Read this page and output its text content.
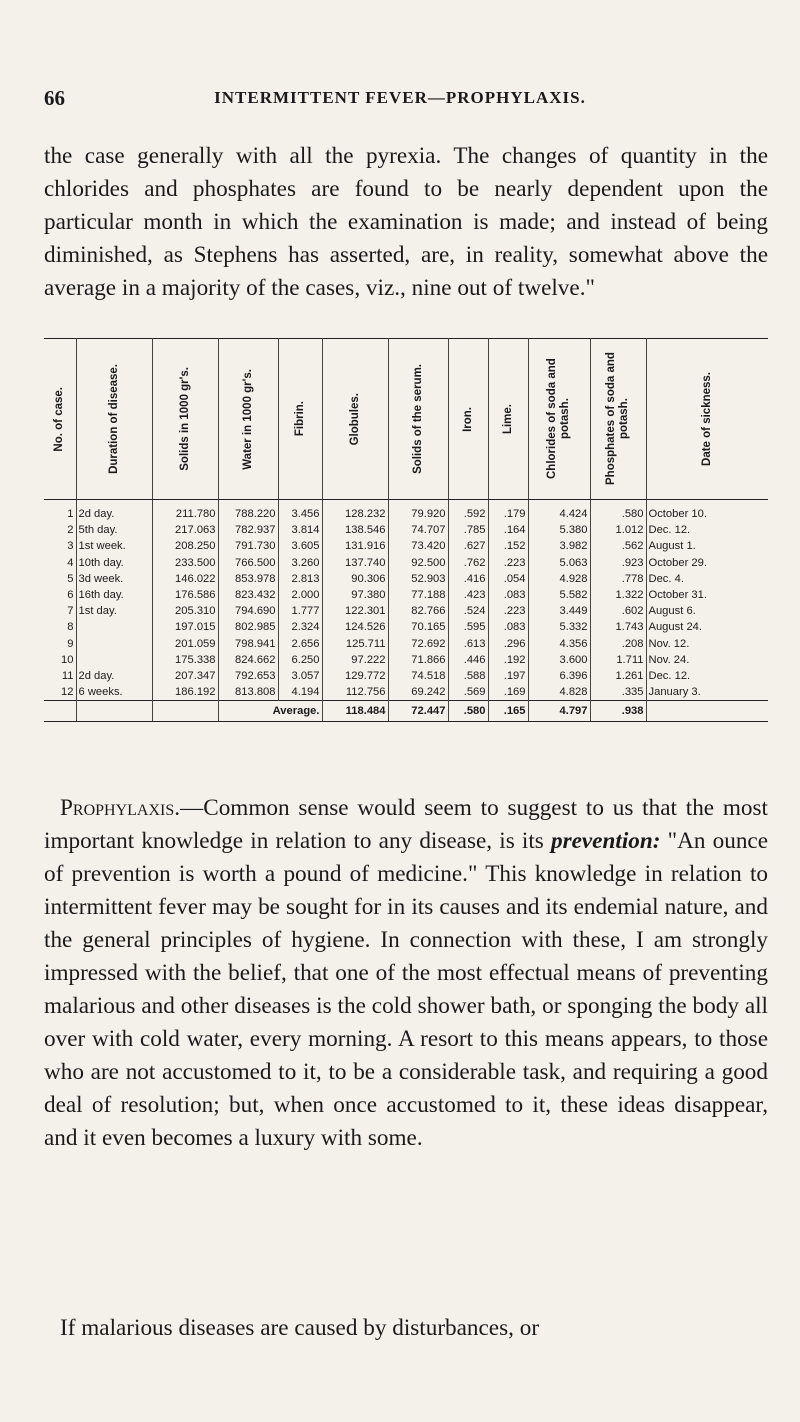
66	INTERMITTENT FEVER—PROPHYLAXIS.

the case generally with all the pyrexia. The changes of quantity in the chlorides and phosphates are found to be nearly dependent upon the particular month in which the examination is made; and instead of being diminished, as Stephens has asserted, are, in reality, somewhat above the average in a majority of the cases, viz., nine out of twelve."

No. of case.	Duration of disease.	Solids in 1000 gr's.	Water in 1000 gr's.	Fibrin.	Globules.	Solids of the serum.	Iron.	Lime.	Chlorides of soda and potash.	Phosphates of soda and potash.	Date of sickness.

1	2d day.	211.780	788.220	3.456	128.232	79.920	.592	.179	4.424	.580	October 10.
2	5th day.	217.063	782.937	3.814	138.546	74.707	.785	.164	5.380	1.012	Dec. 12.
3	1st week.	208.250	791.730	3.605	131.916	73.420	.627	.152	3.982	.562	August 1.
4	10th day.	233.500	766.500	3.260	137.740	92.500	.762	.223	5.063	.923	October 29.
5	3d week.	146.022	853.978	2.813	90.306	52.903	.416	.054	4.928	.778	Dec. 4.
6	16th day.	176.586	823.432	2.000	97.380	77.188	.423	.083	5.582	1.322	October 31.
7	1st day.	205.310	794.690	1.777	122.301	82.766	.524	.223	3.449	.602	August 6.
8		197.015	802.985	2.324	124.526	70.165	.595	.083	5.332	1.743	August 24.
9		201.059	798.941	2.656	125.711	72.692	.613	.296	4.356	.208	Nov. 12.
10		175.338	824.662	6.250	97.222	71.866	.446	.192	3.600	1.711	Nov. 24.
11	2d day.	207.347	792.653	3.057	129.772	74.518	.588	.197	6.396	1.261	Dec. 12.
12	6 weeks.	186.192	813.808	4.194	112.756	69.242	.569	.169	4.828	.335	January 3.
			Average.		118.484	72.447	.580	.165	4.797	.938	

Prophylaxis.—Common sense would seem to suggest to us that the most important knowledge in relation to any disease, is its prevention: "An ounce of prevention is worth a pound of medicine." This knowledge in relation to intermittent fever may be sought for in its causes and its endemial nature, and the general principles of hygiene. In connection with these, I am strongly impressed with the belief, that one of the most effectual means of preventing malarious and other diseases is the cold shower bath, or sponging the body all over with cold water, every morning. A resort to this means appears, to those who are not accustomed to it, to be a considerable task, and requiring a good deal of resolution; but, when once accustomed to it, these ideas disappear, and it even becomes a luxury with some.

If malarious diseases are caused by disturbances, or
